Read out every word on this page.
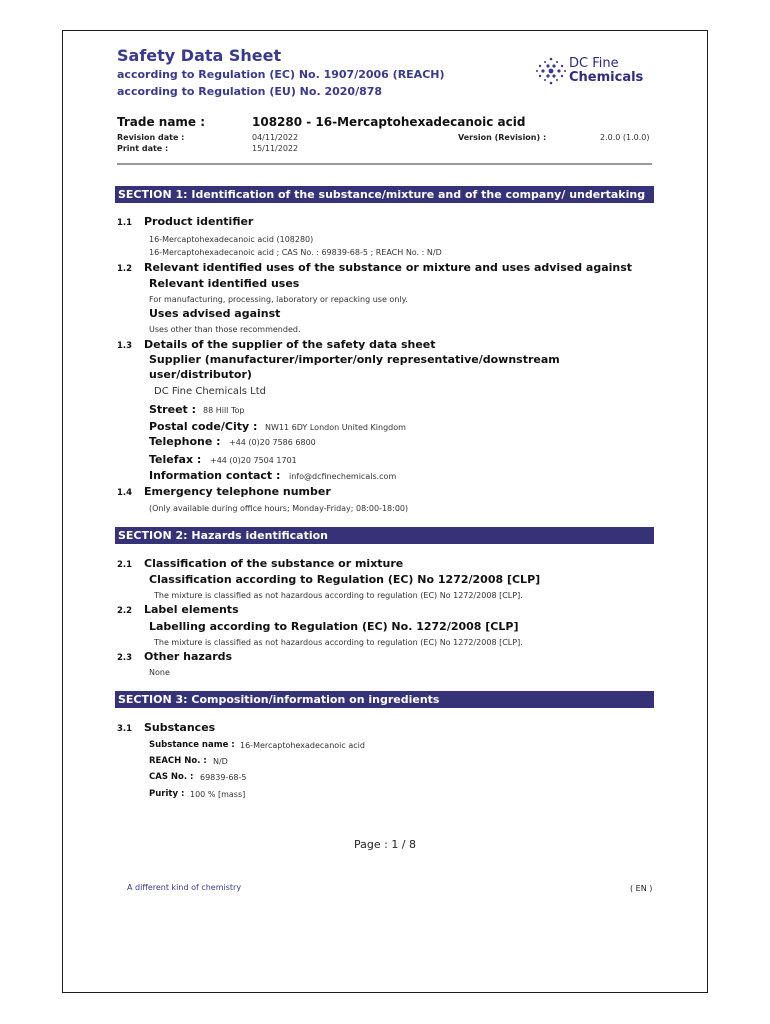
Safety Data Sheet
according to Regulation (EC) No. 1907/2006 (REACH)
according to Regulation (EU) No. 2020/878
DC Fine
Chemicals
Trade name :	108280 - 16-Mercaptohexadecanoic acid
Revision date :	04/11/2022	Version (Revision) :	2.0.0 (1.0.0)
Print date :	15/11/2022
SECTION 1: Identification of the substance/mixture and of the company/ undertaking
1.1 Product identifier
16-Mercaptohexadecanoic acid (108280)
16-Mercaptohexadecanoic acid ; CAS No. : 69839-68-5 ; REACH No. : N/D
1.2 Relevant identified uses of the substance or mixture and uses advised against
Relevant identified uses
For manufacturing, processing, laboratory or repacking use only.
Uses advised against
Uses other than those recommended.
1.3 Details of the supplier of the safety data sheet
Supplier (manufacturer/importer/only representative/downstream
user/distributor)
DC Fine Chemicals Ltd
Street : 88 Hill Top
Postal code/City : NW11 6DY London United Kingdom
Telephone : +44 (0)20 7586 6800
Telefax : +44 (0)20 7504 1701
Information contact : info@dcfinechemicals.com
1.4 Emergency telephone number
(Only available during office hours; Monday-Friday; 08:00-18:00)
SECTION 2: Hazards identification
2.1 Classification of the substance or mixture
Classification according to Regulation (EC) No 1272/2008 [CLP]
The mixture is classified as not hazardous according to regulation (EC) No 1272/2008 [CLP].
2.2 Label elements
Labelling according to Regulation (EC) No. 1272/2008 [CLP]
The mixture is classified as not hazardous according to regulation (EC) No 1272/2008 [CLP].
2.3 Other hazards
None
SECTION 3: Composition/information on ingredients
3.1 Substances
Substance name : 16-Mercaptohexadecanoic acid
REACH No. : N/D
CAS No. : 69839-68-5
Purity : 100 % [mass]
Page : 1 / 8
A different kind of chemistry	( EN )
